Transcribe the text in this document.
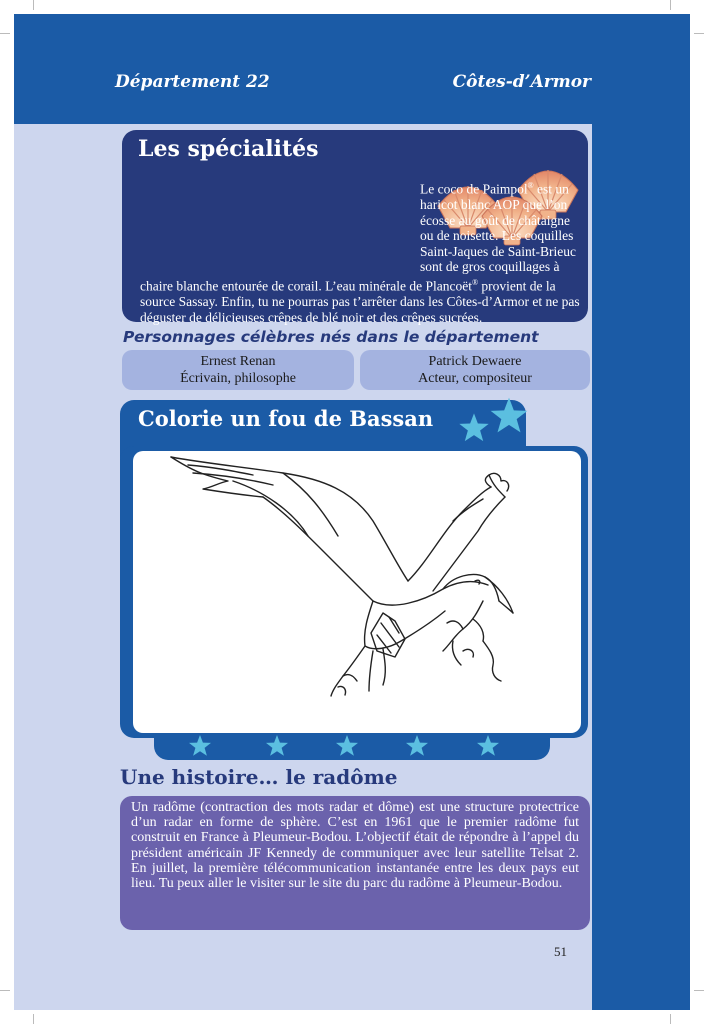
Département 22	Côtes-d’Armor
Les spécialités
Le coco de Paimpol® est un haricot blanc AOP que l’on écosse au goût de châtaigne ou de noisette. Les coquilles Saint-Jaques de Saint-Brieuc sont de gros coquillages à chaire blanche entourée de corail. L’eau minérale de Plancoët® provient de la source Sassay. Enfin, tu ne pourras pas t’arrêter dans les Côtes-d’Armor et ne pas déguster de délicieuses crêpes de blé noir et des crêpes sucrées.
Personnages célèbres nés dans le département
Ernest Renan
Écrivain, philosophe
Patrick Dewaere
Acteur, compositeur
Colorie un fou de Bassan
Une histoire… le radôme
Un radôme (contraction des mots radar et dôme) est une structure protectrice d’un radar en forme de sphère. C’est en 1961 que le premier radôme fut construit en France à Pleumeur-Bodou. L’objectif était de répondre à l’appel du président américain JF Kennedy de communiquer avec leur satellite Telsat 2. En juillet, la première télécommunication instantanée entre les deux pays eut lieu. Tu peux aller le visiter sur le site du parc du radôme à Pleumeur-Bodou.
51
